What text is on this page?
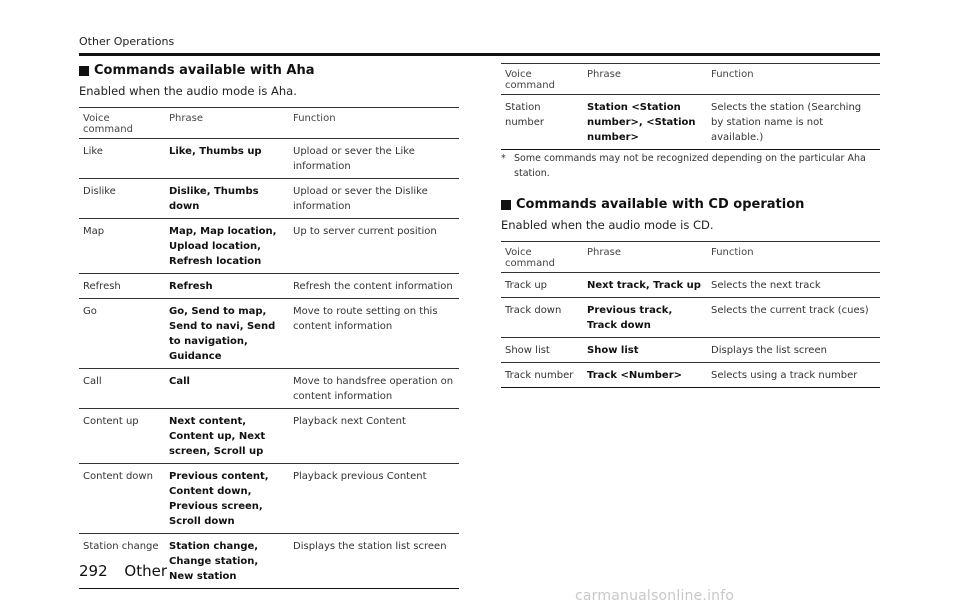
Other Operations
Commands available with Aha
Enabled when the audio mode is Aha.
Voice command	Phrase	Function
Like	Like, Thumbs up	Upload or sever the Like information
Dislike	Dislike, Thumbs down	Upload or sever the Dislike information
Map	Map, Map location, Upload location, Refresh location	Up to server current position
Refresh	Refresh	Refresh the content information
Go	Go, Send to map, Send to navi, Send to navigation, Guidance	Move to route setting on this content information
Call	Call	Move to handsfree operation on content information
Content up	Next content, Content up, Next screen, Scroll up	Playback next Content
Content down	Previous content, Content down, Previous screen, Scroll down	Playback previous Content
Station change	Station change, Change station, New station	Displays the station list screen
Voice command	Phrase	Function
Station number	Station <Station number>, <Station number>	Selects the station (Searching by station name is not available.)
* Some commands may not be recognized depending on the particular Aha station.
Commands available with CD operation
Enabled when the audio mode is CD.
Voice command	Phrase	Function
Track up	Next track, Track up	Selects the next track
Track down	Previous track, Track down	Selects the current track (cues)
Show list	Show list	Displays the list screen
Track number	Track <Number>	Selects using a track number
292 Other
carmanualsonline.info
